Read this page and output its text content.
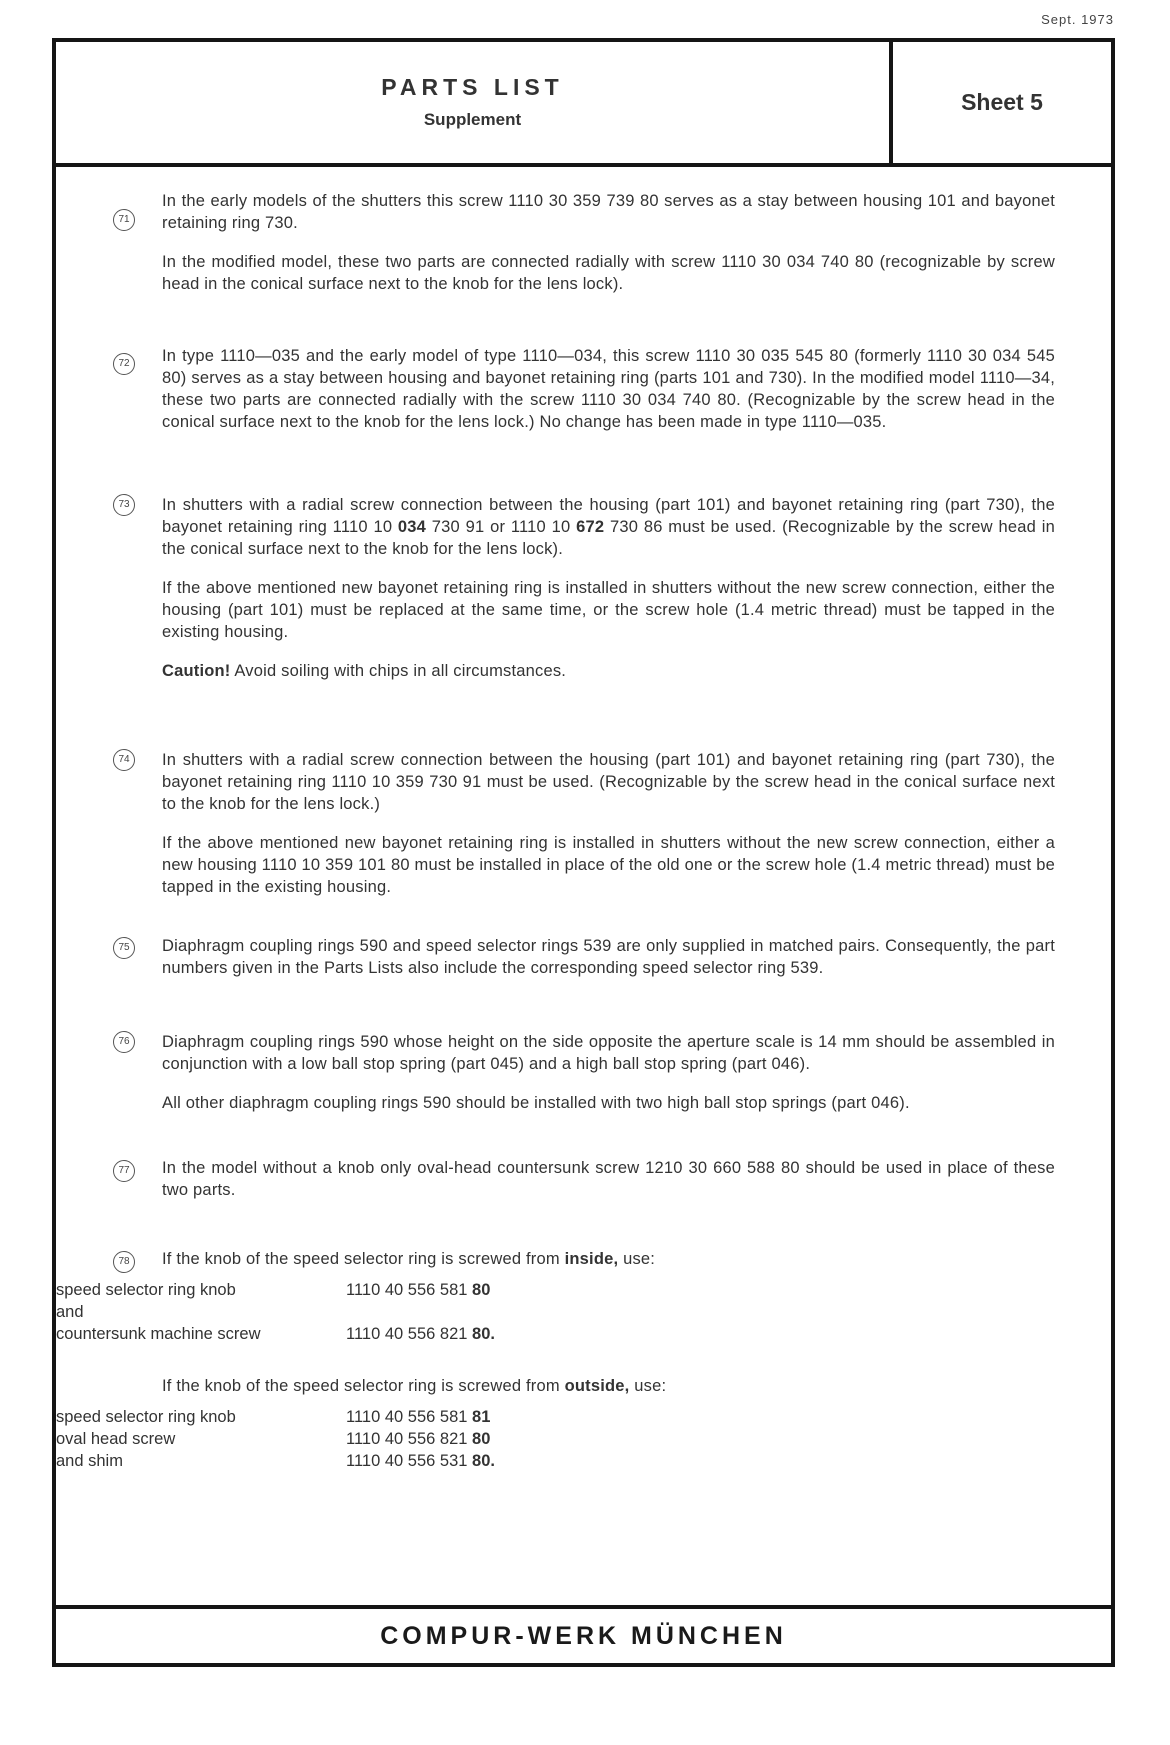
Sept. 1973
PARTS LIST
Supplement
Sheet 5
71

In the early models of the shutters this screw 1110 30 359 739 80 serves as a stay between housing 101 and bayonet retaining ring 730.

In the modified model, these two parts are connected radially with screw 1110 30 034 740 80 (recognizable by screw head in the conical surface next to the knob for the lens lock).

72	In type 1110—035 and the early model of type 1110—034, this screw 1110 30 035 545 80 (formerly 1110 30 034 545 80) serves as a stay between housing and bayonet retaining ring (parts 101 and 730). In the modified model 1110—34, these two parts are connected radially with the screw 1110 30 034 740 80. (Recognizable by the screw head in the conical surface next to the knob for the lens lock.) No change has been made in type 1110—035.

73	In shutters with a radial screw connection between the housing (part 101) and bayonet retaining ring (part 730), the bayonet retaining ring 1110 10 034 730 91 or 1110 10 672 730 86 must be used. (Recognizable by the screw head in the conical surface next to the knob for the lens lock).

If the above mentioned new bayonet retaining ring is installed in shutters without the new screw connection, either the housing (part 101) must be replaced at the same time, or the screw hole (1.4 metric thread) must be tapped in the existing housing.

Caution! Avoid soiling with chips in all circumstances.

74	In shutters with a radial screw connection between the housing (part 101) and bayonet retaining ring (part 730), the bayonet retaining ring 1110 10 359 730 91 must be used. (Recognizable by the screw head in the conical surface next to the knob for the lens lock.)

If the above mentioned new bayonet retaining ring is installed in shutters without the new screw connection, either a new housing 1110 10 359 101 80 must be installed in place of the old one or the screw hole (1.4 metric thread) must be tapped in the existing housing.

75	Diaphragm coupling rings 590 and speed selector rings 539 are only supplied in matched pairs. Consequently, the part numbers given in the Parts Lists also include the corresponding speed selector ring 539.

76	Diaphragm coupling rings 590 whose height on the side opposite the aperture scale is 14 mm should be assembled in conjunction with a low ball stop spring (part 045) and a high ball stop spring (part 046).

All other diaphragm coupling rings 590 should be installed with two high ball stop springs (part 046).

77	In the model without a knob only oval-head countersunk screw 1210 30 660 588 80 should be used in place of these two parts.

78	If the knob of the speed selector ring is screwed from inside, use:

speed selector ring knob	1110 40 556 581 80
and	
countersunk machine screw	1110 40 556 821 80.

If the knob of the speed selector ring is screwed from outside, use:

speed selector ring knob	1110 40 556 581 81
oval head screw	1110 40 556 821 80
and shim	1110 40 556 531 80.
COMPUR-WERK MÜNCHEN
